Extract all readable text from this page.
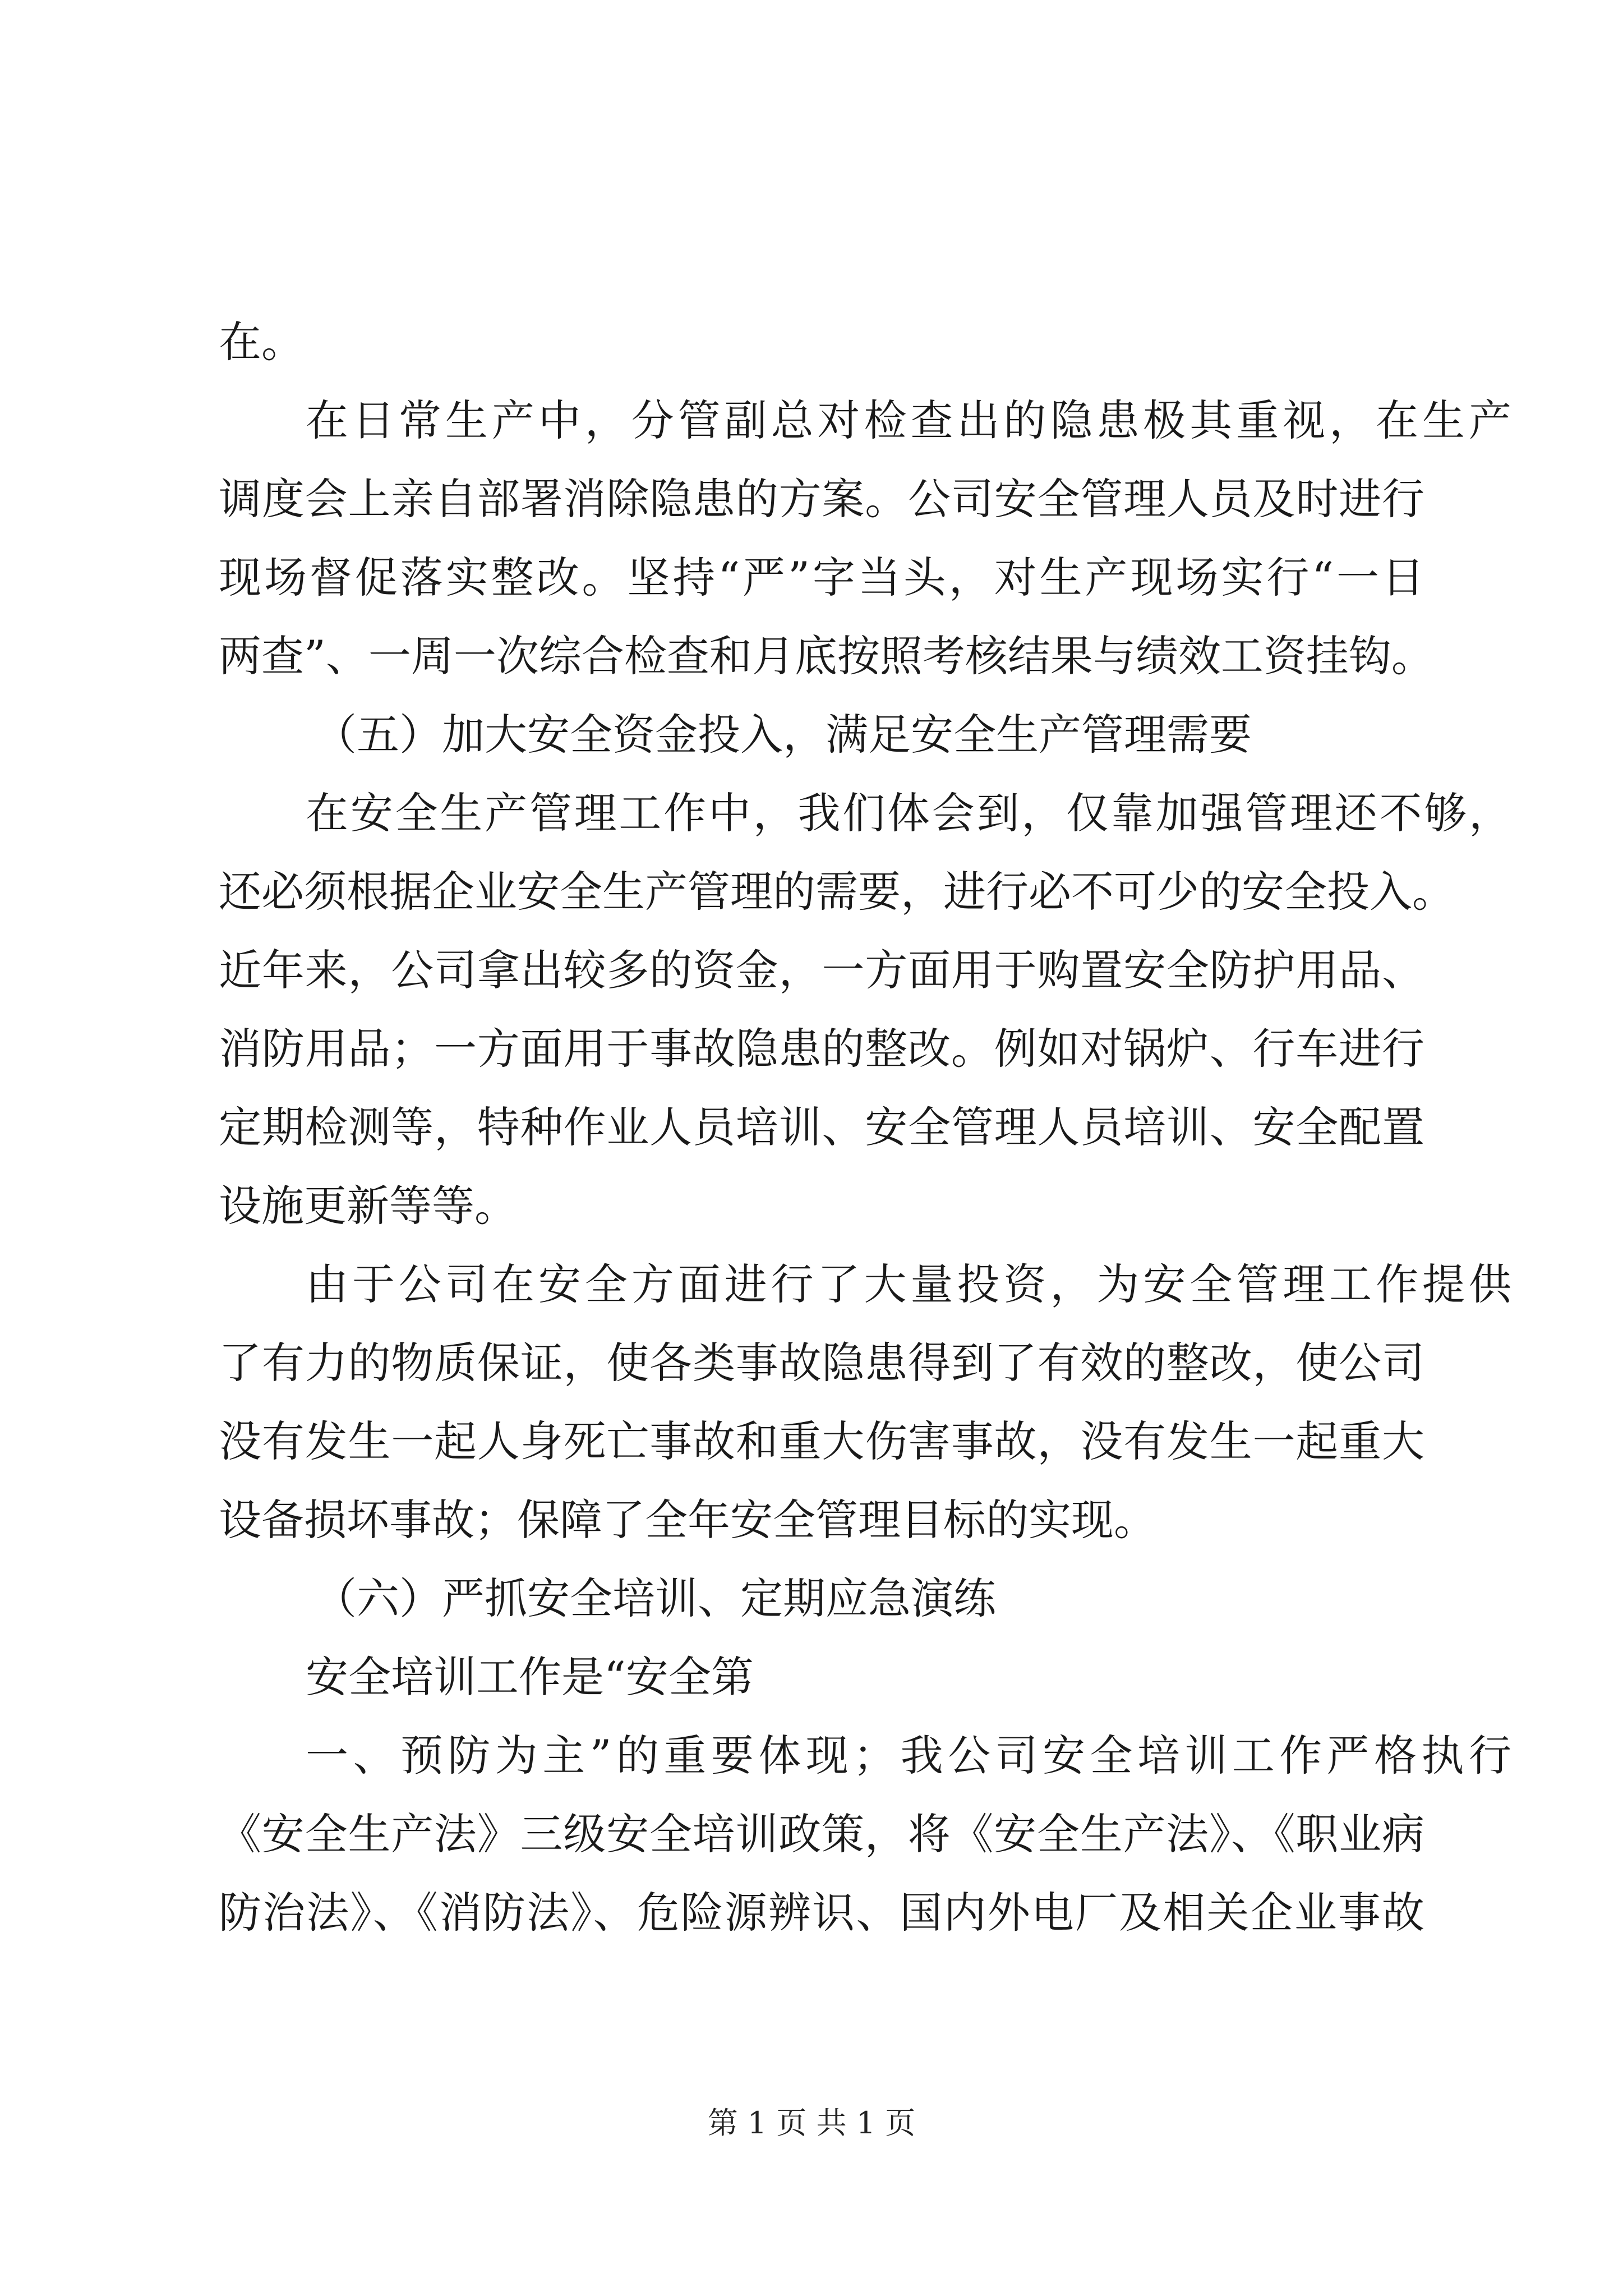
在。

在日常生产中，分管副总对检查出的隐患极其重视，在生产

调度会上亲自部署消除隐患的方案。公司安全管理人员及时进行

现场督促落实整改。坚持“严”字当头，对生产现场实行“一日

两查”、一周一次综合检查和月底按照考核结果与绩效工资挂钩。

（五）加大安全资金投入，满足安全生产管理需要

在安全生产管理工作中，我们体会到，仅靠加强管理还不够，

还必须根据企业安全生产管理的需要，进行必不可少的安全投入。

近年来，公司拿出较多的资金，一方面用于购置安全防护用品、

消防用品；一方面用于事故隐患的整改。例如对锅炉、行车进行

定期检测等，特种作业人员培训、安全管理人员培训、安全配置

设施更新等等。

由于公司在安全方面进行了大量投资，为安全管理工作提供

了有力的物质保证，使各类事故隐患得到了有效的整改，使公司

没有发生一起人身死亡事故和重大伤害事故，没有发生一起重大

设备损坏事故；保障了全年安全管理目标的实现。

（六）严抓安全培训、定期应急演练

安全培训工作是“安全第

一、预防为主”的重要体现；我公司安全培训工作严格执行

《安全生产法》三级安全培训政策，将《安全生产法》、《职业病

防治法》、《消防法》、危险源辨识、国内外电厂及相关企业事故

第 1 页 共 1 页
